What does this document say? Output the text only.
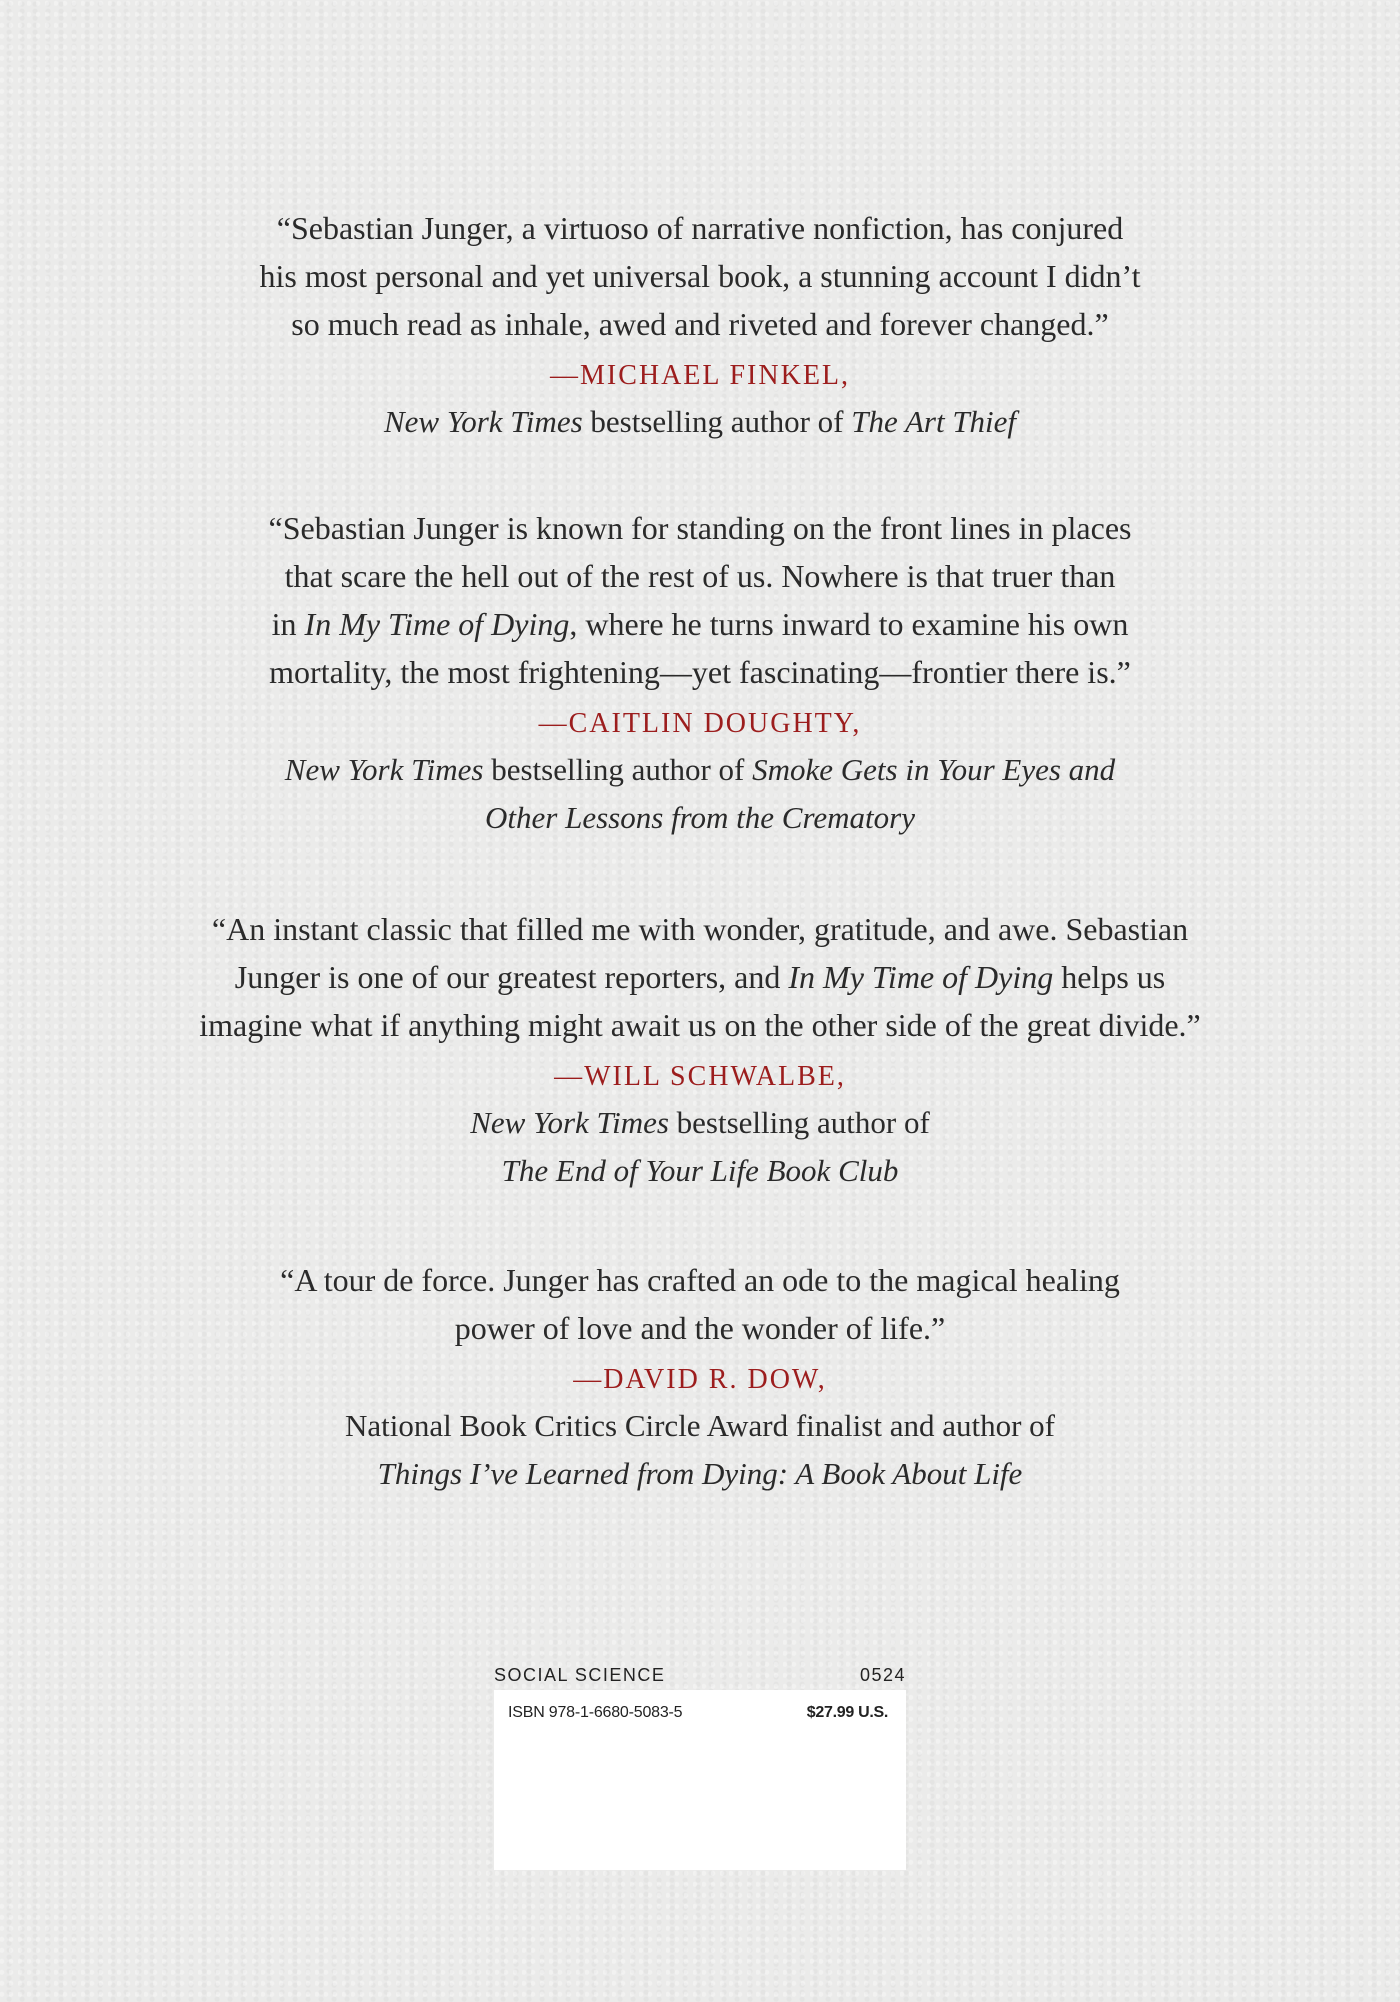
“Sebastian Junger, a virtuoso of narrative nonfiction, has conjured
his most personal and yet universal book, a stunning account I didn’t
so much read as inhale, awed and riveted and forever changed.”
—MICHAEL FINKEL,
New York Times bestselling author of The Art Thief
“Sebastian Junger is known for standing on the front lines in places
that scare the hell out of the rest of us. Nowhere is that truer than
in In My Time of Dying, where he turns inward to examine his own
mortality, the most frightening—yet fascinating—frontier there is.”
—CAITLIN DOUGHTY,
New York Times bestselling author of Smoke Gets in Your Eyes and
Other Lessons from the Crematory
“An instant classic that filled me with wonder, gratitude, and awe. Sebastian
Junger is one of our greatest reporters, and In My Time of Dying helps us
imagine what if anything might await us on the other side of the great divide.”
—WILL SCHWALBE,
New York Times bestselling author of
The End of Your Life Book Club
“A tour de force. Junger has crafted an ode to the magical healing
power of love and the wonder of life.”
—DAVID R. DOW,
National Book Critics Circle Award finalist and author of
Things I’ve Learned from Dying: A Book About Life
SOCIAL SCIENCE	0524
ISBN 978-1-6680-5083-5	$27.99 U.S.
